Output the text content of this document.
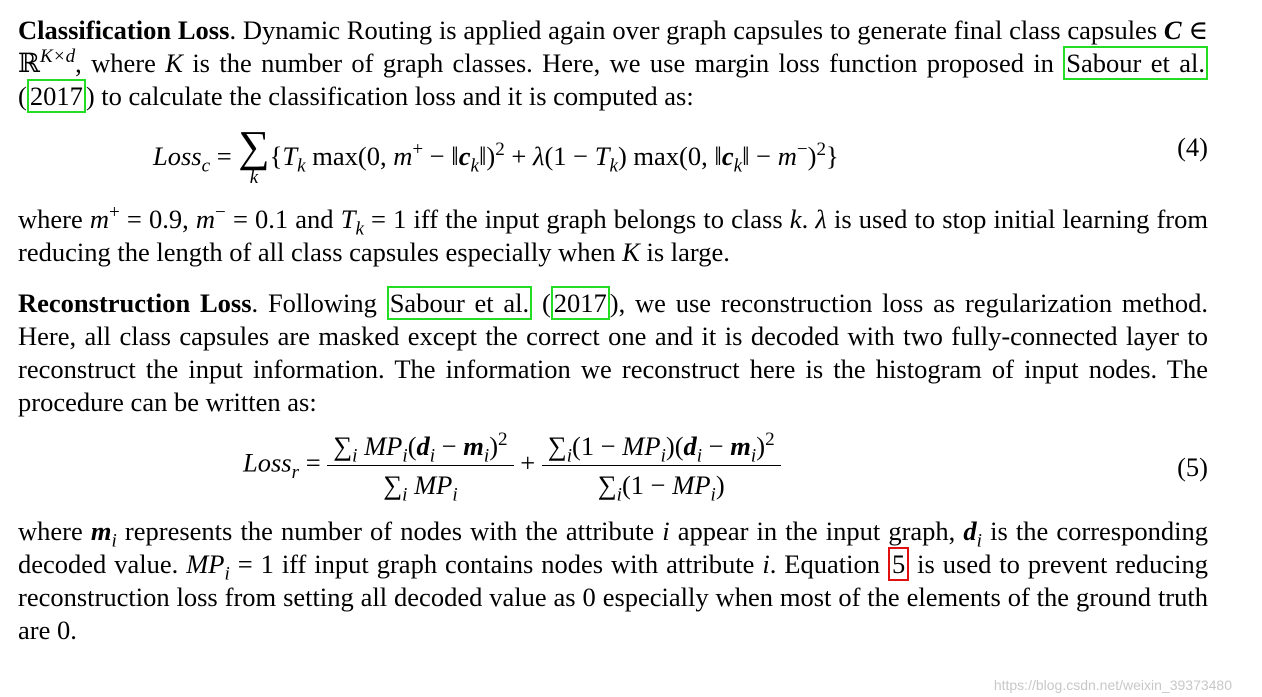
Classification Loss. Dynamic Routing is applied again over graph capsules to generate final class capsules C ∈ ℝ$^{K\times d}$, where K is the number of graph classes. Here, we use margin loss function proposed in Sabour et al. ( 2017 ) to calculate the classification loss and it is computed as:

Loss$_c$ = ∑
k
{$T_k$ max(0, $m^+ - ‖c_k‖)^2 + \lambda(1 - T_k)$ max(0, $‖c_k‖ - m^-)^2$}	(4)

where m+ = 0.9, m− = 0.1 and $T_k = 1$ iff the input graph belongs to class k. λ is used to stop initial learning from reducing the length of all class capsules especially when K is large.

Reconstruction Loss. Following Sabour et al. ( 2017 ), we use reconstruction loss as regularization method. Here, all class capsules are masked except the correct one and it is decoded with two fully-connected layer to reconstruct the input information. The information we reconstruct here is the histogram of input nodes. The procedure can be written as:

Loss$_r$ = $\frac{\sum_i MP_i(d_i - m_i)^2}{\sum_i MP_i} + \frac{\sum_i(1 - MP_i)(d_i - m_i)^2}{\sum_i(1 - MP_i)}$	(5)

where $m_i$ represents the number of nodes with the attribute i appear in the input graph, $d_i$ is the corresponding decoded value. $MP_i = 1$ iff input graph contains nodes with attribute i. Equation 5 is used to prevent reducing reconstruction loss from setting all decoded value as 0 especially when most of the elements of the ground truth are 0.

https://blog.csdn.net/weixin_39373480
